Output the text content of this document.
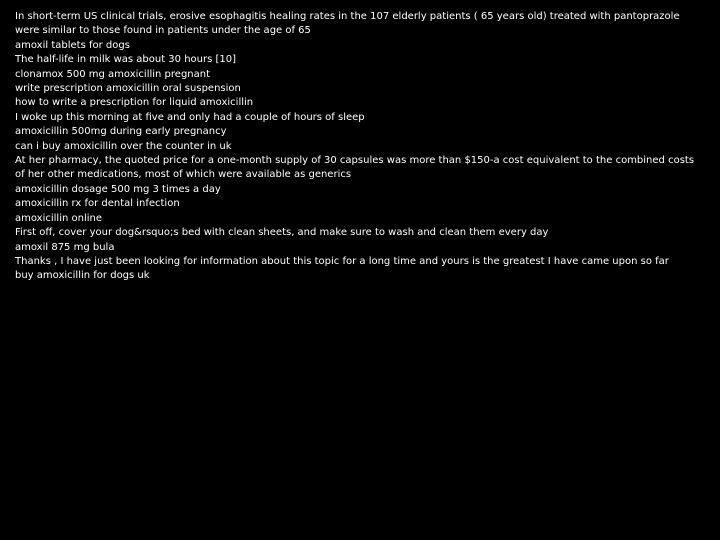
In short-term US clinical trials, erosive esophagitis healing rates in the 107 elderly patients ( 65 years old) treated with pantoprazole were similar to those found in patients under the age of 65
amoxil tablets for dogs
The half-life in milk was about 30 hours [10]
clonamox 500 mg amoxicillin pregnant
write prescription amoxicillin oral suspension
how to write a prescription for liquid amoxicillin
I woke up this morning at five and only had a couple of hours of sleep
amoxicillin 500mg during early pregnancy
can i buy amoxicillin over the counter in uk
At her pharmacy, the quoted price for a one-month supply of 30 capsules was more than $150-a cost equivalent to the combined costs of her other medications, most of which were available as generics
amoxicillin dosage 500 mg 3 times a day
amoxicillin rx for dental infection
amoxicillin online
First off, cover your dog&rsquo;s bed with clean sheets, and make sure to wash and clean them every day
amoxil 875 mg bula
Thanks , I have just been looking for information about this topic for a long time and yours is the greatest I have came upon so far
buy amoxicillin for dogs uk
